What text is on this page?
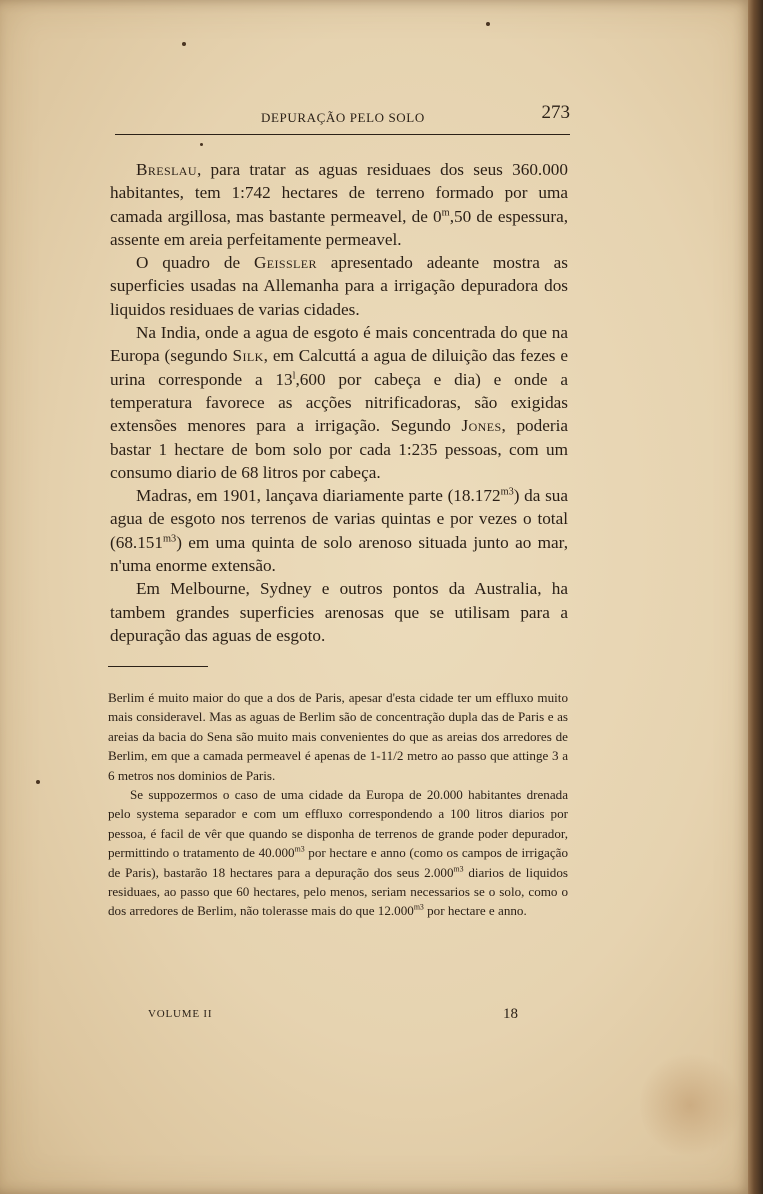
DEPURAÇÃO PELO SOLO	273

Breslau, para tratar as aguas residuaes dos seus 360.000 habitantes, tem 1:742 hectares de terreno formado por uma camada argillosa, mas bastante permeavel, de 0$^m$,50 de espessura, assente em areia perfeitamente permeavel.

O quadro de Geissler apresentado adeante mostra as superficies usadas na Allemanha para a irrigação depuradora dos liquidos residuaes de varias cidades.

Na India, onde a agua de esgoto é mais concentrada do que na Europa (segundo Silk, em Calcuttá a agua de diluição das fezes e urina corresponde a 13$^l$,600 por cabeça e dia) e onde a temperatura favorece as acções nitrificadoras, são exigidas extensões menores para a irrigação. Segundo Jones, poderia bastar 1 hectare de bom solo por cada 1:235 pessoas, com um consumo diario de 68 litros por cabeça.

Madras, em 1901, lançava diariamente parte $(18.172^{m3})$ da sua agua de esgoto nos terrenos de varias quintas e por vezes o total $(68.151^{m3})$ em uma quinta de solo arenoso situada junto ao mar, n'uma enorme extensão.

Em Melbourne, Sydney e outros pontos da Australia, ha tambem grandes superficies arenosas que se utilisam para a depuração das aguas de esgoto.

Berlim é muito maior do que a dos de Paris, apesar d'esta cidade ter um effluxo muito mais consideravel. Mas as aguas de Berlim são de concentração dupla das de Paris e as areias da bacia do Sena são muito mais convenientes do que as areias dos arredores de Berlim, em que a camada permeavel é apenas de 1-11/2 metro ao passo que attinge 3 a 6 metros nos dominios de Paris.

Se suppozermos o caso de uma cidade da Europa de 20.000 habitantes drenada pelo systema separador e com um effluxo correspondendo a 100 litros diarios por pessoa, é facil de vêr que quando se disponha de terrenos de grande poder depurador, permittindo o tratamento de $40.000^{m3}$ por hectare e anno (como os campos de irrigação de Paris), bastarão 18 hectares para a depuração dos seus $2.000^{m3}$ diarios de liquidos residuaes, ao passo que 60 hectares, pelo menos, seriam necessarios se o solo, como o dos arredores de Berlim, não tolerasse mais do que $12.000^{m3}$ por hectare e anno.

VOLUME II	18
